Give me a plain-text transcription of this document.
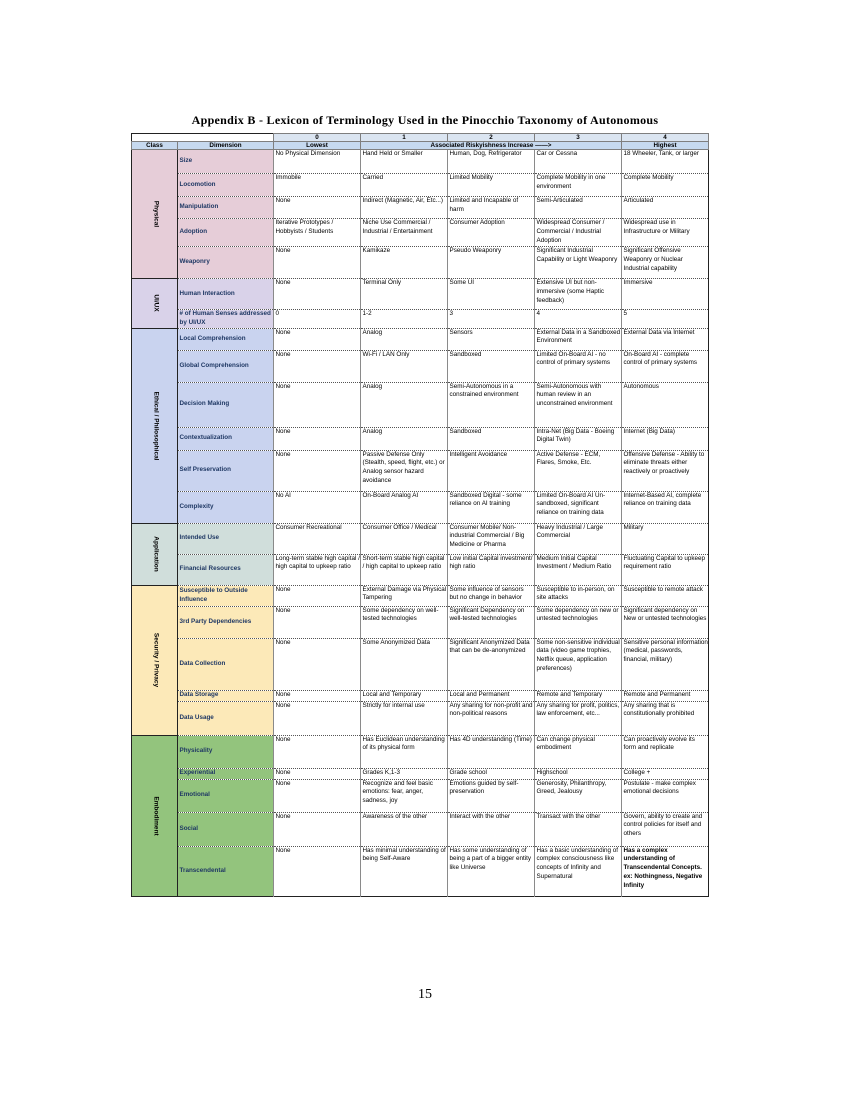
Appendix B - Lexicon of Terminology Used in the Pinocchio Taxonomy of Autonomous
		0	1	2	3	4
Class	Dimension	Lowest	Associated Riskyishness Increase ——>			Highest

Physical	Size	No Physical Dimension	Hand Held or Smaller	Human, Dog, Refrigerator	Car or Cessna	18 Wheeler, Tank, or larger
	Locomotion	Immobile	Carried	Limited Mobility	Complete Mobility in one environment	Complete Mobility
	Manipulation	None	Indirect (Magnetic, Air, Etc...)	Limited and Incapable of harm	Semi-Articulated	Articulated
	Adoption	Iterative Prototypes / Hobbyists / Students	Niche Use Commercial / Industrial / Entertainment	Consumer Adoption	Widespread Consumer / Commercial / Industrial Adoption	Widespread use in Infrastructure or Military
	Weaponry	None	Kamikaze	Pseudo Weaponry	Significant Industrial Capability or Light Weaponry	Significant Offensive Weaponry or Nuclear Industrial capability

UI/UX	Human Interaction	None	Terminal Only	Some UI	Extensive UI but non-immersive (some Haptic feedback)	Immersive
	# of Human Senses addressed by UI/UX	0	1-2	3	4	5

Ethical / Philosophical	Local Comprehension	None	Analog	Sensors	External Data in a Sandboxed Environment	External Data via Internet
	Global Comprehension	None	Wi-Fi / LAN Only	Sandboxed	Limited On-Board AI - no control of primary systems	On-Board AI - complete control of primary systems
	Decision Making	None	Analog	Semi-Autonomous in a constrained environment	Semi-Autonomous with human review in an unconstrained environment	Autonomous
	Contextualization	None	Analog	Sandboxed	Intra-Net (Big Data - Boeing Digital Twin)	Internet (Big Data)
	Self Preservation	None	Passive Defense Only (Stealth, speed, flight, etc.) or Analog sensor hazard avoidance	Intelligent Avoidance	Active Defense - ECM, Flares, Smoke, Etc.	Offensive Defense - Ability to eliminate threats either reactively or proactively
	Complexity	No AI	On-Board Analog AI	Sandboxed Digital - some reliance on AI training	Limited On-Board AI Un-sandboxed, significant reliance on training data	Internet-Based AI, complete reliance on training data

Application	Intended Use	Consumer Recreational	Consumer Office / Medical	Consumer Mobile/ Non-industrial Commercial / Big Medicine or Pharma	Heavy Industrial / Large Commercial	Military
	Financial Resources	Long-term stable high capital / high capital to upkeep ratio	Short-term stable high capital / high capital to upkeep ratio	Low initial Capital investment/ high ratio	Medium Initial Capital Investment / Medium Ratio	Fluctuating Capital to upkeep requirement ratio

Security / Privacy	Susceptible to Outside Influence	None	External Damage via Physical Tampering	Some influence of sensors but no change in behavior	Susceptible to in-person, on site attacks	Susceptible to remote attack
	3rd Party Dependencies	None	Some dependency on well-tested technologies	Significant Dependency on well-tested technologies	Some dependency on new or untested technologies	Significant dependency on New or untested technologies
	Data Collection	None	Some Anonymized Data	Significant Anonymized Data that can be de-anonymized	Some non-sensitive individual data (video game trophies, Netflix queue, application preferences)	Sensitive personal information (medical, passwords, financial, military)
	Data Storage	None	Local and Temporary	Local and Permanent	Remote and Temporary	Remote and Permanent
	Data Usage	None	Strictly for internal use	Any sharing for non-profit and non-political reasons	Any sharing for profit, politics, law enforcement, etc...	Any sharing that is constitutionally prohibited

Embodiment	Physicality	None	Has Euclidean understanding of its physical form	Has 4D understanding (Time)	Can change physical embodiment	Can proactively evolve its form and replicate
	Experiential	None	Grades K,1-3	Grade school	Highschool	College +
	Emotional	None	Recognize and feel basic emotions: fear, anger, sadness, joy	Emotions guided by self-preservation	Generosity, Philanthropy, Greed, Jealousy	Postulate - make complex emotional decisions
	Social	None	Awareness of the other	Interact with the other	Transact with the other	Govern, ability to create and control policies for itself and others
	Transcendental	None	Has minimal understanding of being Self-Aware	Has some understanding of being a part of a bigger entity like Universe	Has a basic understanding of complex consciousness like concepts of Infinity and Supernatural	Has a complex understanding of Transcendental Concepts. ex: Nothingness, Negative Infinity
15
